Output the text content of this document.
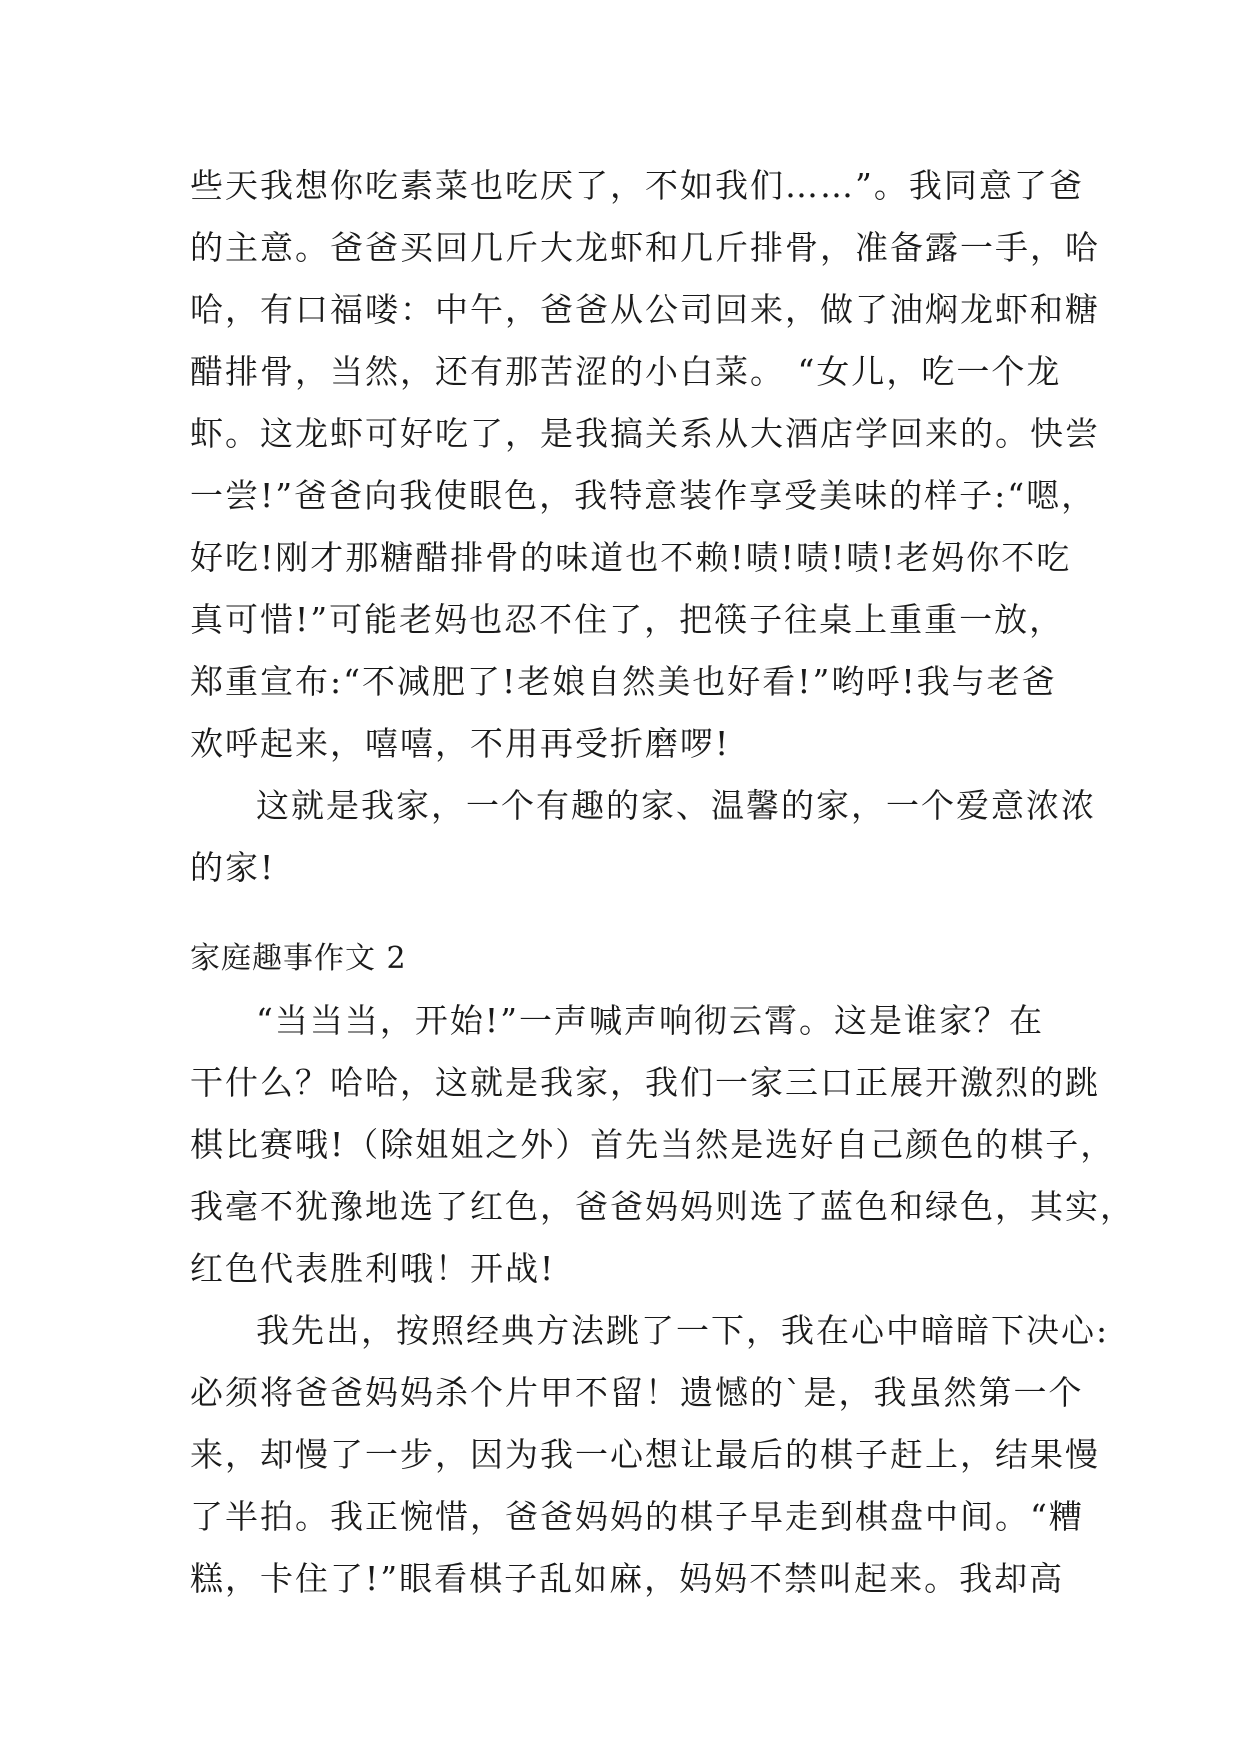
些天我想你吃素菜也吃厌了，不如我们……”。我同意了爸
的主意。爸爸买回几斤大龙虾和几斤排骨，准备露一手，哈
哈，有口福喽：中午，爸爸从公司回来，做了油焖龙虾和糖
醋排骨，当然，还有那苦涩的小白菜。 “女儿，吃一个龙
虾。这龙虾可好吃了，是我搞关系从大酒店学回来的。快尝
一尝!”爸爸向我使眼色，我特意装作享受美味的样子:“嗯，
好吃!刚才那糖醋排骨的味道也不赖!啧!啧!啧!老妈你不吃
真可惜!”可能老妈也忍不住了，把筷子往桌上重重一放，
郑重宣布:“不减肥了!老娘自然美也好看!”哟呼!我与老爸
欢呼起来，嘻嘻，不用再受折磨啰!
这就是我家，一个有趣的家、温馨的家，一个爱意浓浓
的家!
家庭趣事作文 2
“当当当，开始!”一声喊声响彻云霄。这是谁家？在
干什么？哈哈，这就是我家，我们一家三口正展开激烈的跳
棋比赛哦!（除姐姐之外）首先当然是选好自己颜色的棋子，
我毫不犹豫地选了红色，爸爸妈妈则选了蓝色和绿色，其实，
红色代表胜利哦！开战!
我先出，按照经典方法跳了一下，我在心中暗暗下决心:
必须将爸爸妈妈杀个片甲不留！遗憾的`是，我虽然第一个
来，却慢了一步，因为我一心想让最后的棋子赶上，结果慢
了半拍。我正惋惜，爸爸妈妈的棋子早走到棋盘中间。“糟
糕，卡住了!”眼看棋子乱如麻，妈妈不禁叫起来。我却高
